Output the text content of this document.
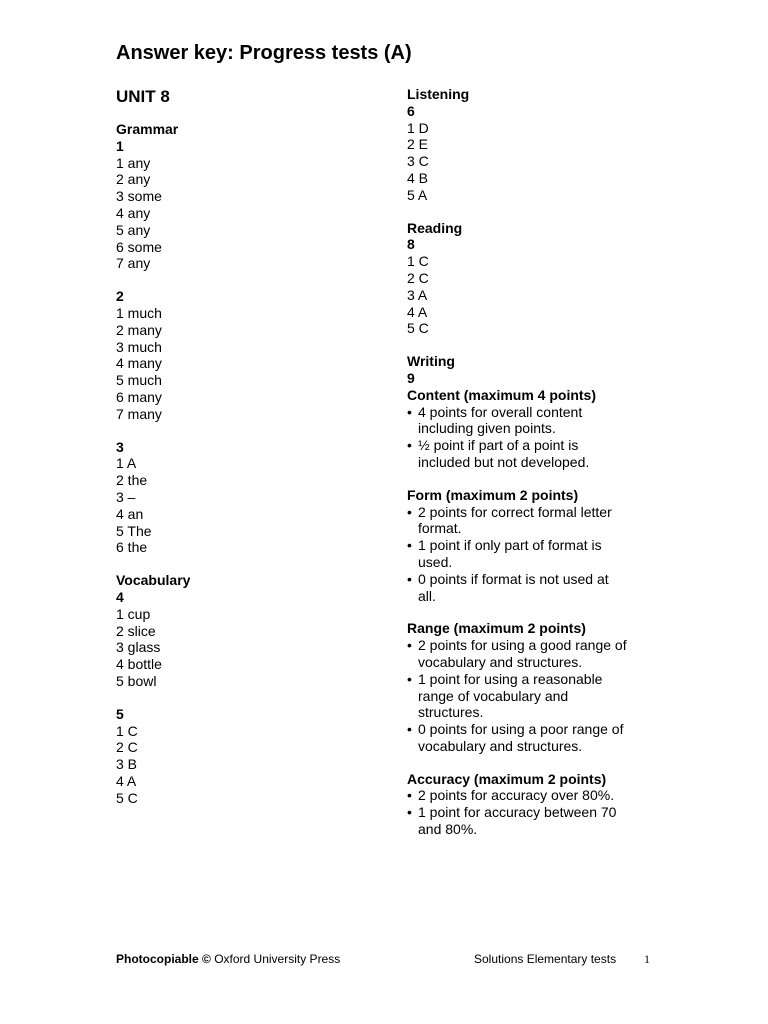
Answer key: Progress tests (A)
UNIT 8
Grammar
1
1 any
2 any
3 some
4 any
5 any
6 some
7 any
2
1 much
2 many
3 much
4 many
5 much
6 many
7 many
3
1 A
2 the
3 –
4 an
5 The
6 the
Vocabulary
4
1 cup
2 slice
3 glass
4 bottle
5 bowl
5
1 C
2 C
3 B
4 A
5 C
Listening
6
1 D
2 E
3 C
4 B
5 A
Reading
8
1 C
2 C
3 A
4 A
5 C
Writing
9
Content (maximum 4 points)
• 4 points for overall content
including given points.
• ½ point if part of a point is
included but not developed.
Form (maximum 2 points)
• 2 points for correct formal letter
format.
• 1 point if only part of format is
used.
• 0 points if format is not used at
all.
Range (maximum 2 points)
• 2 points for using a good range of
vocabulary and structures.
• 1 point for using a reasonable
range of vocabulary and
structures.
• 0 points for using a poor range of
vocabulary and structures.
Accuracy (maximum 2 points)
• 2 points for accuracy over 80%.
• 1 point for accuracy between 70
and 80%.
Photocopiable © Oxford University Press	Solutions Elementary tests 1
